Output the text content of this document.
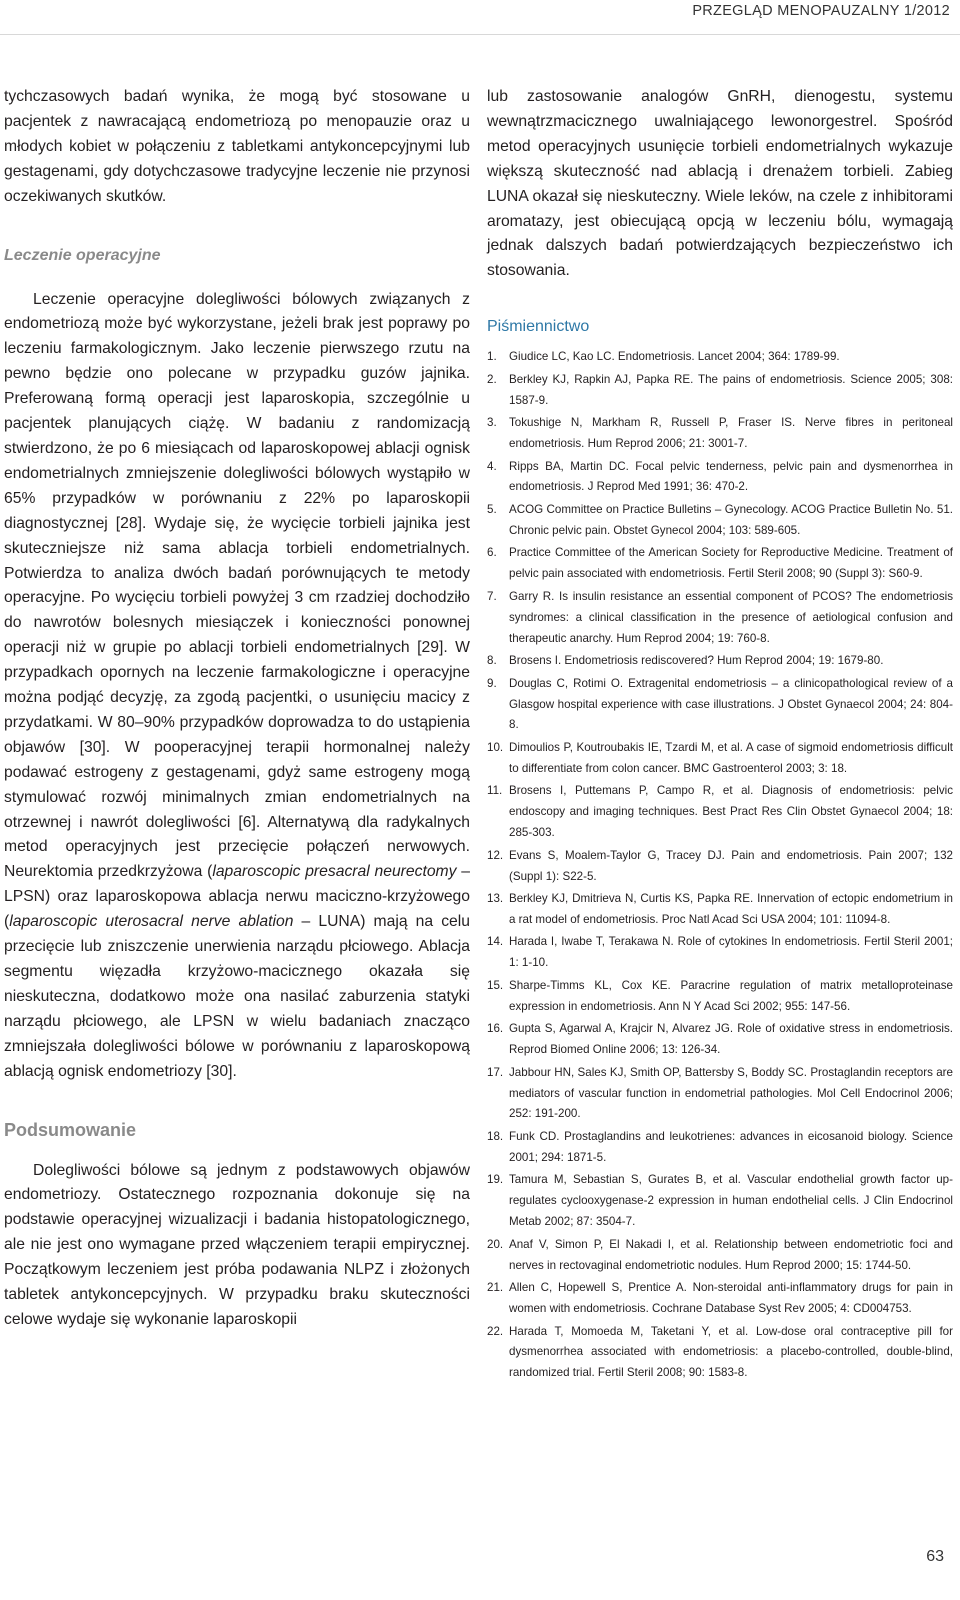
PRZEGLĄD MENOPAUZALNY 1/2012

tychczasowych badań wynika, że mogą być stosowane u pacjentek z nawracającą endometriozą po menopauzie oraz u młodych kobiet w połączeniu z tabletkami antykoncepcyjnymi lub gestagenami, gdy dotychczasowe tradycyjne leczenie nie przynosi oczekiwanych skutków.

Leczenie operacyjne

Leczenie operacyjne dolegliwości bólowych związanych z endometriozą może być wykorzystane, jeżeli brak jest poprawy po leczeniu farmakologicznym. Jako leczenie pierwszego rzutu na pewno będzie ono polecane w przypadku guzów jajnika. Preferowaną formą operacji jest laparoskopia, szczególnie u pacjentek planujących ciążę. W badaniu z randomizacją stwierdzono, że po 6 miesiącach od laparoskopowej ablacji ognisk endometrialnych zmniejszenie dolegliwości bólowych wystąpiło w 65% przypadków w porównaniu z 22% po laparoskopii diagnostycznej [28]. Wydaje się, że wycięcie torbieli jajnika jest skuteczniejsze niż sama ablacja torbieli endometrialnych. Potwierdza to analiza dwóch badań porównujących te metody operacyjne. Po wycięciu torbieli powyżej 3 cm rzadziej dochodziło do nawrotów bolesnych miesiączek i konieczności ponownej operacji niż w grupie po ablacji torbieli endometrialnych [29]. W przypadkach opornych na leczenie farmakologiczne i operacyjne można podjąć decyzję, za zgodą pacjentki, o usunięciu macicy z przydatkami. W 80–90% przypadków doprowadza to do ustąpienia objawów [30]. W pooperacyjnej terapii hormonalnej należy podawać estrogeny z gestagenami, gdyż same estrogeny mogą stymulować rozwój minimalnych zmian endometrialnych na otrzewnej i nawrót dolegliwości [6]. Alternatywą dla radykalnych metod operacyjnych jest przecięcie połączeń nerwowych. Neurektomia przedkrzyżowa (laparoscopic presacral neurectomy – LPSN) oraz laparoskopowa ablacja nerwu maciczno-krzyżowego (laparoscopic uterosacral nerve ablation – LUNA) mają na celu przecięcie lub zniszczenie unerwienia narządu płciowego. Ablacja segmentu więzadła krzyżowo-macicznego okazała się nieskuteczna, dodatkowo może ona nasilać zaburzenia statyki narządu płciowego, ale LPSN w wielu badaniach znacząco zmniejszała dolegliwości bólowe w porównaniu z laparoskopową ablacją ognisk endometriozy [30].

Podsumowanie

Dolegliwości bólowe są jednym z podstawowych objawów endometriozy. Ostatecznego rozpoznania dokonuje się na podstawie operacyjnej wizualizacji i badania histopatologicznego, ale nie jest ono wymagane przed włączeniem terapii empirycznej. Początkowym leczeniem jest próba podawania NLPZ i złożonych tabletek antykoncepcyjnych. W przypadku braku skuteczności celowe wydaje się wykonanie laparoskopii

lub zastosowanie analogów GnRH, dienogestu, systemu wewnątrzmacicznego uwalniającego lewonorgestrel. Spośród metod operacyjnych usunięcie torbieli endometrialnych wykazuje większą skuteczność nad ablacją i drenażem torbieli. Zabieg LUNA okazał się nieskuteczny. Wiele leków, na czele z inhibitorami aromatazy, jest obiecującą opcją w leczeniu bólu, wymagają jednak dalszych badań potwierdzających bezpieczeństwo ich stosowania.

Piśmiennictwo
1. Giudice LC, Kao LC. Endometriosis. Lancet 2004; 364: 1789-99.
2. Berkley KJ, Rapkin AJ, Papka RE. The pains of endometriosis. Science 2005; 308: 1587-9.
3. Tokushige N, Markham R, Russell P, Fraser IS. Nerve fibres in peritoneal endometriosis. Hum Reprod 2006; 21: 3001-7.
4. Ripps BA, Martin DC. Focal pelvic tenderness, pelvic pain and dysmenorrhea in endometriosis. J Reprod Med 1991; 36: 470-2.
5. ACOG Committee on Practice Bulletins – Gynecology. ACOG Practice Bulletin No. 51. Chronic pelvic pain. Obstet Gynecol 2004; 103: 589-605.
6. Practice Committee of the American Society for Reproductive Medicine. Treatment of pelvic pain associated with endometriosis. Fertil Steril 2008; 90 (Suppl 3): S60-9.
7. Garry R. Is insulin resistance an essential component of PCOS? The endometriosis syndromes: a clinical classification in the presence of aetiological confusion and therapeutic anarchy. Hum Reprod 2004; 19: 760-8.
8. Brosens I. Endometriosis rediscovered? Hum Reprod 2004; 19: 1679-80.
9. Douglas C, Rotimi O. Extragenital endometriosis – a clinicopathological review of a Glasgow hospital experience with case illustrations. J Obstet Gynaecol 2004; 24: 804-8.
10. Dimoulios P, Koutroubakis IE, Tzardi M, et al. A case of sigmoid endometriosis difficult to differentiate from colon cancer. BMC Gastroenterol 2003; 3: 18.
11. Brosens I, Puttemans P, Campo R, et al. Diagnosis of endometriosis: pelvic endoscopy and imaging techniques. Best Pract Res Clin Obstet Gynaecol 2004; 18: 285-303.
12. Evans S, Moalem-Taylor G, Tracey DJ. Pain and endometriosis. Pain 2007; 132 (Suppl 1): S22-5.
13. Berkley KJ, Dmitrieva N, Curtis KS, Papka RE. Innervation of ectopic endometrium in a rat model of endometriosis. Proc Natl Acad Sci USA 2004; 101: 11094-8.
14. Harada I, Iwabe T, Terakawa N. Role of cytokines In endometriosis. Fertil Steril 2001; 1: 1-10.
15. Sharpe-Timms KL, Cox KE. Paracrine regulation of matrix metalloproteinase expression in endometriosis. Ann N Y Acad Sci 2002; 955: 147-56.
16. Gupta S, Agarwal A, Krajcir N, Alvarez JG. Role of oxidative stress in endometriosis. Reprod Biomed Online 2006; 13: 126-34.
17. Jabbour HN, Sales KJ, Smith OP, Battersby S, Boddy SC. Prostaglandin receptors are mediators of vascular function in endometrial pathologies. Mol Cell Endocrinol 2006; 252: 191-200.
18. Funk CD. Prostaglandins and leukotrienes: advances in eicosanoid biology. Science 2001; 294: 1871-5.
19. Tamura M, Sebastian S, Gurates B, et al. Vascular endothelial growth factor up-regulates cyclooxygenase-2 expression in human endothelial cells. J Clin Endocrinol Metab 2002; 87: 3504-7.
20. Anaf V, Simon P, El Nakadi I, et al. Relationship between endometriotic foci and nerves in rectovaginal endometriotic nodules. Hum Reprod 2000; 15: 1744-50.
21. Allen C, Hopewell S, Prentice A. Non-steroidal anti-inflammatory drugs for pain in women with endometriosis. Cochrane Database Syst Rev 2005; 4: CD004753.
22. Harada T, Momoeda M, Taketani Y, et al. Low-dose oral contraceptive pill for dysmenorrhea associated with endometriosis: a placebo-controlled, double-blind, randomized trial. Fertil Steril 2008; 90: 1583-8.
63
